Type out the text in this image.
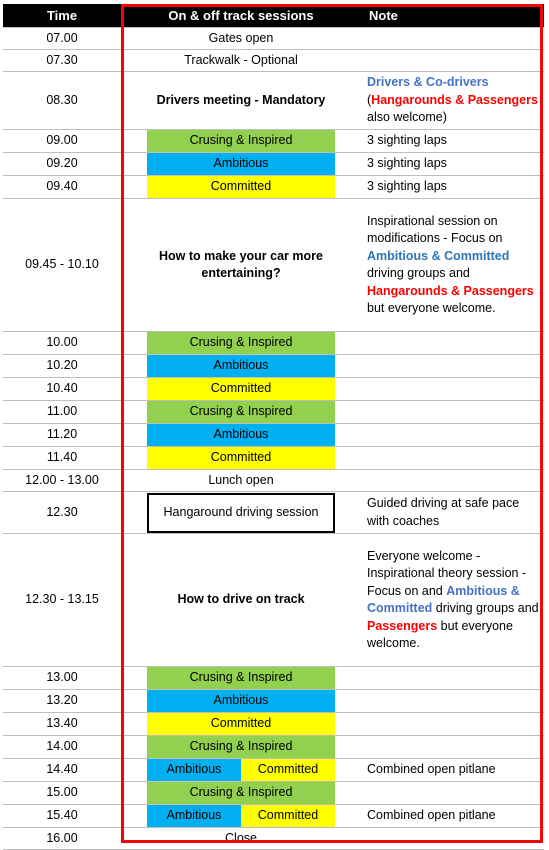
Time	On & off track sessions	Note
07.00	Gates open	
07.30	Trackwalk - Optional	
08.30	Drivers meeting - Mandatory	Drivers & Co-drivers
(Hangarounds & Passengers also welcome)
09.00	Crusing & Inspired	3 sighting laps
09.20	Ambitious	3 sighting laps
09.40	Committed	3 sighting laps
09.45 - 10.10	How to make your car more entertaining?	Inspirational session on modifications - Focus on Ambitious & Committed driving groups and Hangarounds & Passengers but everyone welcome.
10.00	Crusing & Inspired	

10.20	Ambitious	

10.40	Committed	

11.00	Crusing & Inspired	

11.20	Ambitious	

11.40	Committed	

12.00 - 13.00	Lunch open	
12.30	Hangaround driving session	Guided driving at safe pace with coaches
12.30 - 13.15	How to drive on track	Everyone welcome - Inspirational theory session - Focus on and Ambitious & Committed driving groups and Passengers but everyone welcome.
13.00	Crusing & Inspired	

13.20	Ambitious	

13.40	Committed	

14.00	Crusing & Inspired	

14.40	Ambitious Committed	Combined open pitlane
15.00	Crusing & Inspired	

15.40	Ambitious Committed	Combined open pitlane
16.00	Close	
